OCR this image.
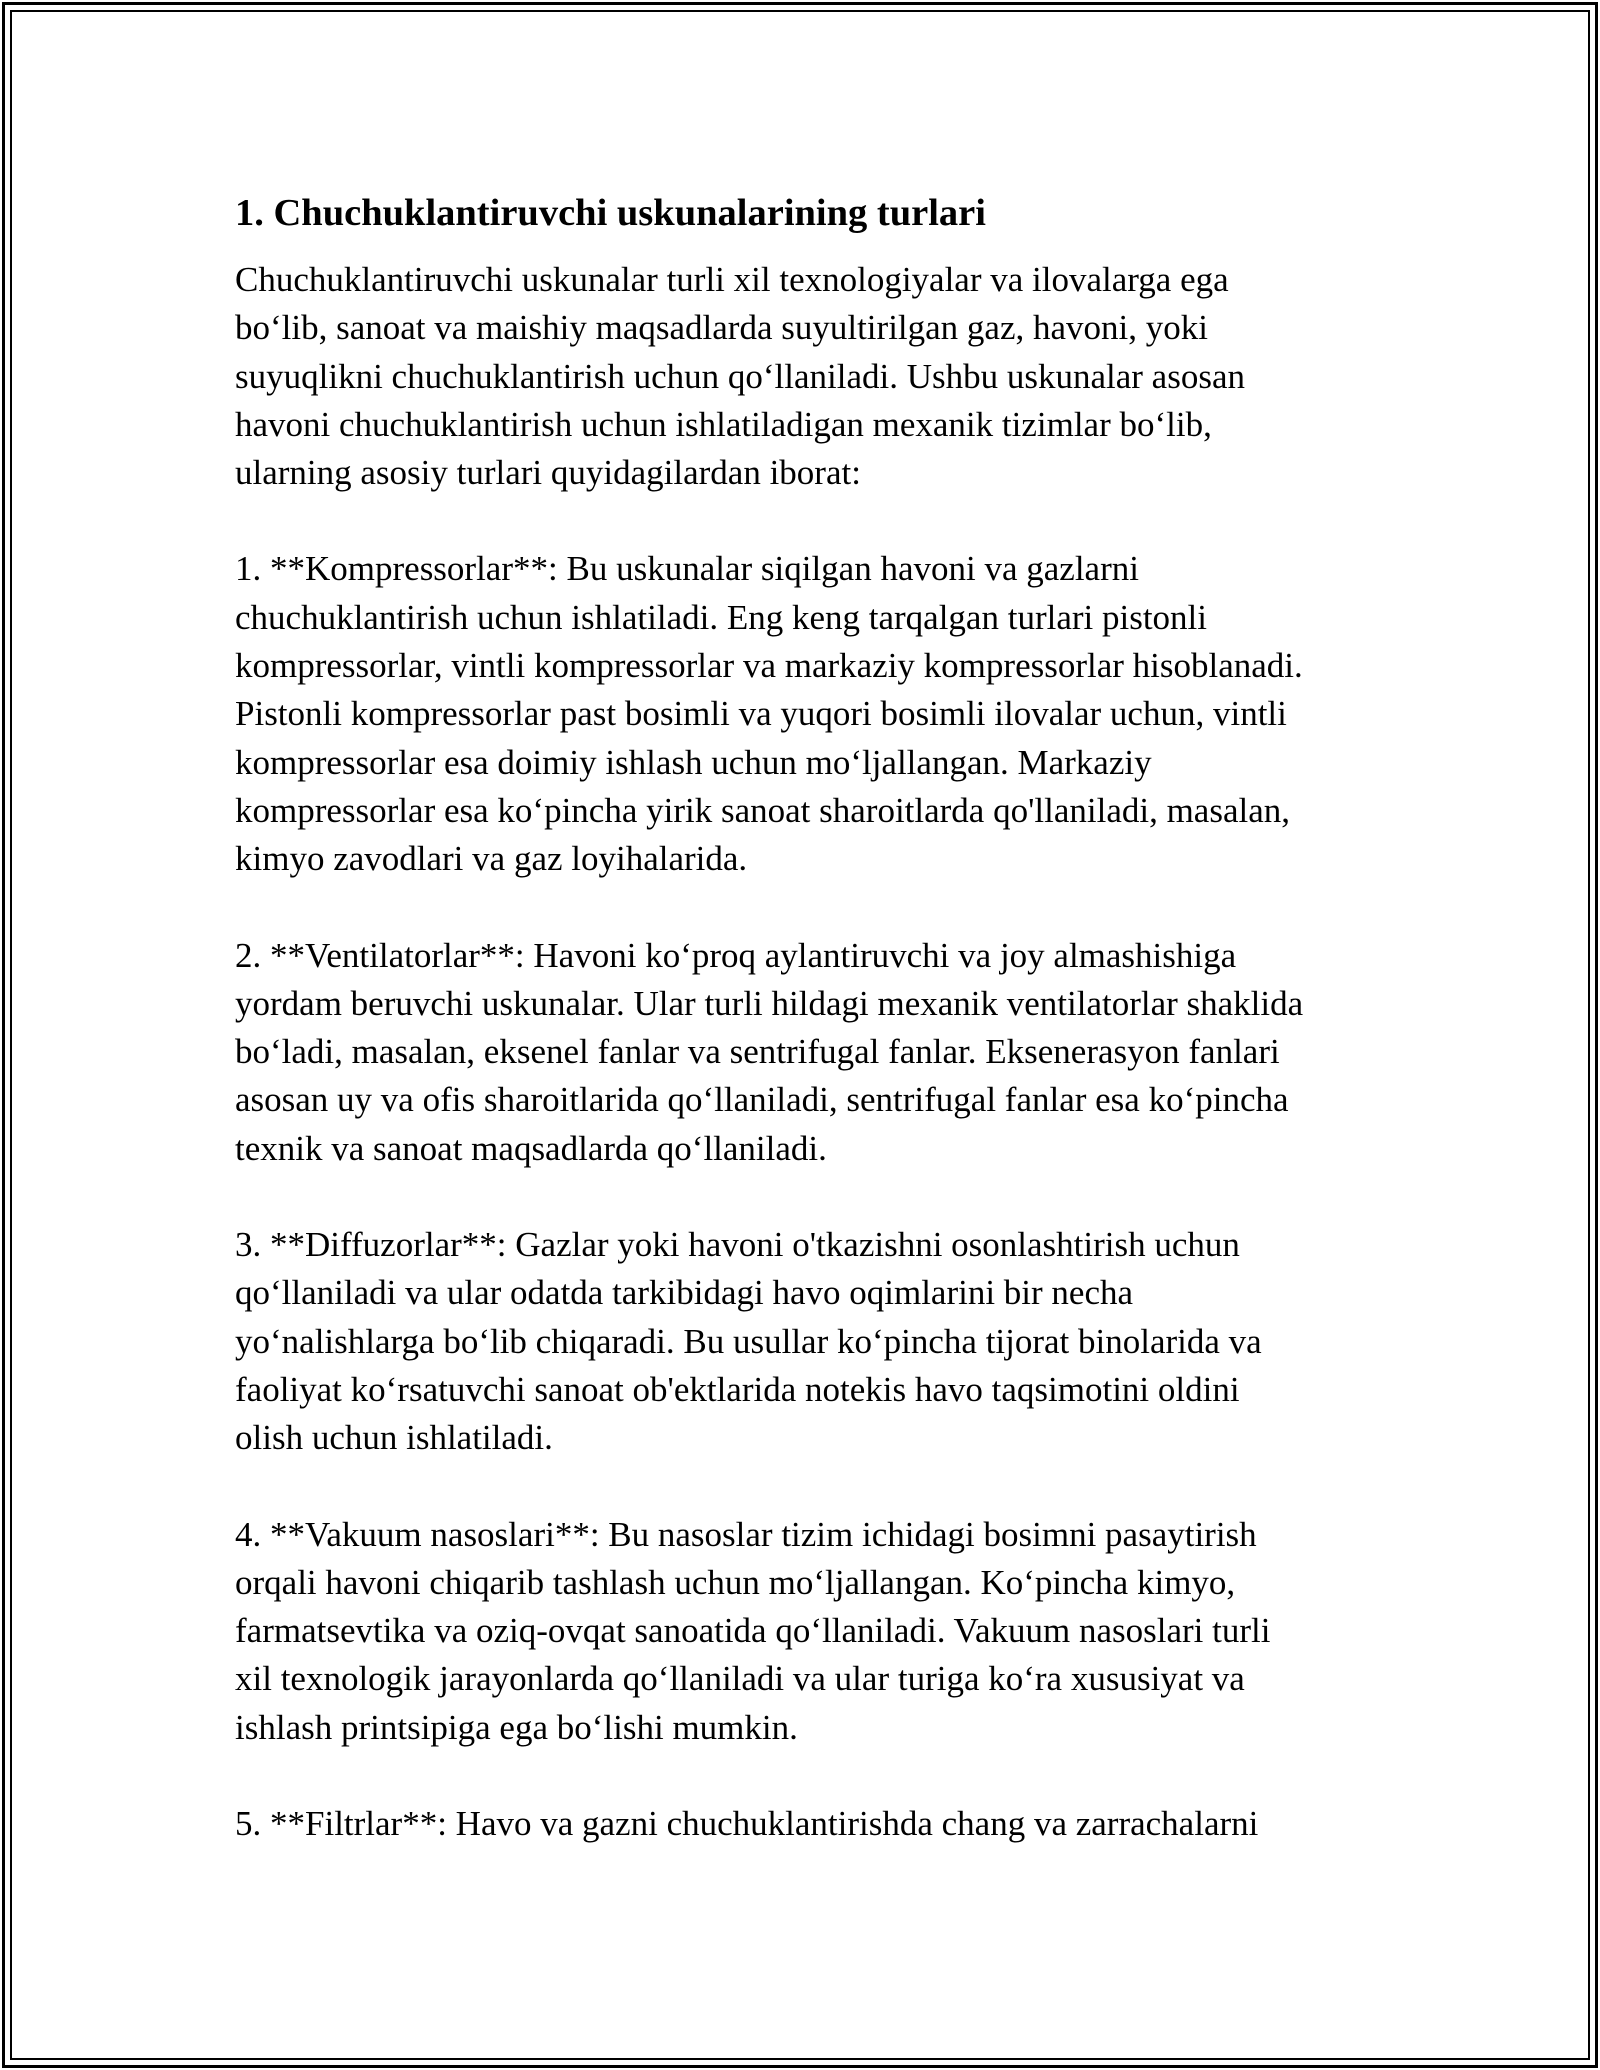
1. Chuchuklantiruvchi uskunalarining turlari

Chuchuklantiruvchi uskunalar turli xil texnologiyalar va ilovalarga ega
bo‘lib, sanoat va maishiy maqsadlarda suyultirilgan gaz, havoni, yoki
suyuqlikni chuchuklantirish uchun qo‘llaniladi. Ushbu uskunalar asosan
havoni chuchuklantirish uchun ishlatiladigan mexanik tizimlar bo‘lib,
ularning asosiy turlari quyidagilardan iborat:

1. **Kompressorlar**: Bu uskunalar siqilgan havoni va gazlarni
chuchuklantirish uchun ishlatiladi. Eng keng tarqalgan turlari pistonli
kompressorlar, vintli kompressorlar va markaziy kompressorlar hisoblanadi.
Pistonli kompressorlar past bosimli va yuqori bosimli ilovalar uchun, vintli
kompressorlar esa doimiy ishlash uchun mo‘ljallangan. Markaziy
kompressorlar esa ko‘pincha yirik sanoat sharoitlarda qo'llaniladi, masalan,
kimyo zavodlari va gaz loyihalarida.

2. **Ventilatorlar**: Havoni ko‘proq aylantiruvchi va joy almashishiga
yordam beruvchi uskunalar. Ular turli hildagi mexanik ventilatorlar shaklida
bo‘ladi, masalan, eksenel fanlar va sentrifugal fanlar. Eksenerasyon fanlari
asosan uy va ofis sharoitlarida qo‘llaniladi, sentrifugal fanlar esa ko‘pincha
texnik va sanoat maqsadlarda qo‘llaniladi.

3. **Diffuzorlar**: Gazlar yoki havoni o'tkazishni osonlashtirish uchun
qo‘llaniladi va ular odatda tarkibidagi havo oqimlarini bir necha
yo‘nalishlarga bo‘lib chiqaradi. Bu usullar ko‘pincha tijorat binolarida va
faoliyat ko‘rsatuvchi sanoat ob'ektlarida notekis havo taqsimotini oldini
olish uchun ishlatiladi.

4. **Vakuum nasoslari**: Bu nasoslar tizim ichidagi bosimni pasaytirish
orqali havoni chiqarib tashlash uchun mo‘ljallangan. Ko‘pincha kimyo,
farmatsevtika va oziq-ovqat sanoatida qo‘llaniladi. Vakuum nasoslari turli
xil texnologik jarayonlarda qo‘llaniladi va ular turiga ko‘ra xususiyat va
ishlash printsipiga ega bo‘lishi mumkin.

5. **Filtrlar**: Havo va gazni chuchuklantirishda chang va zarrachalarni
